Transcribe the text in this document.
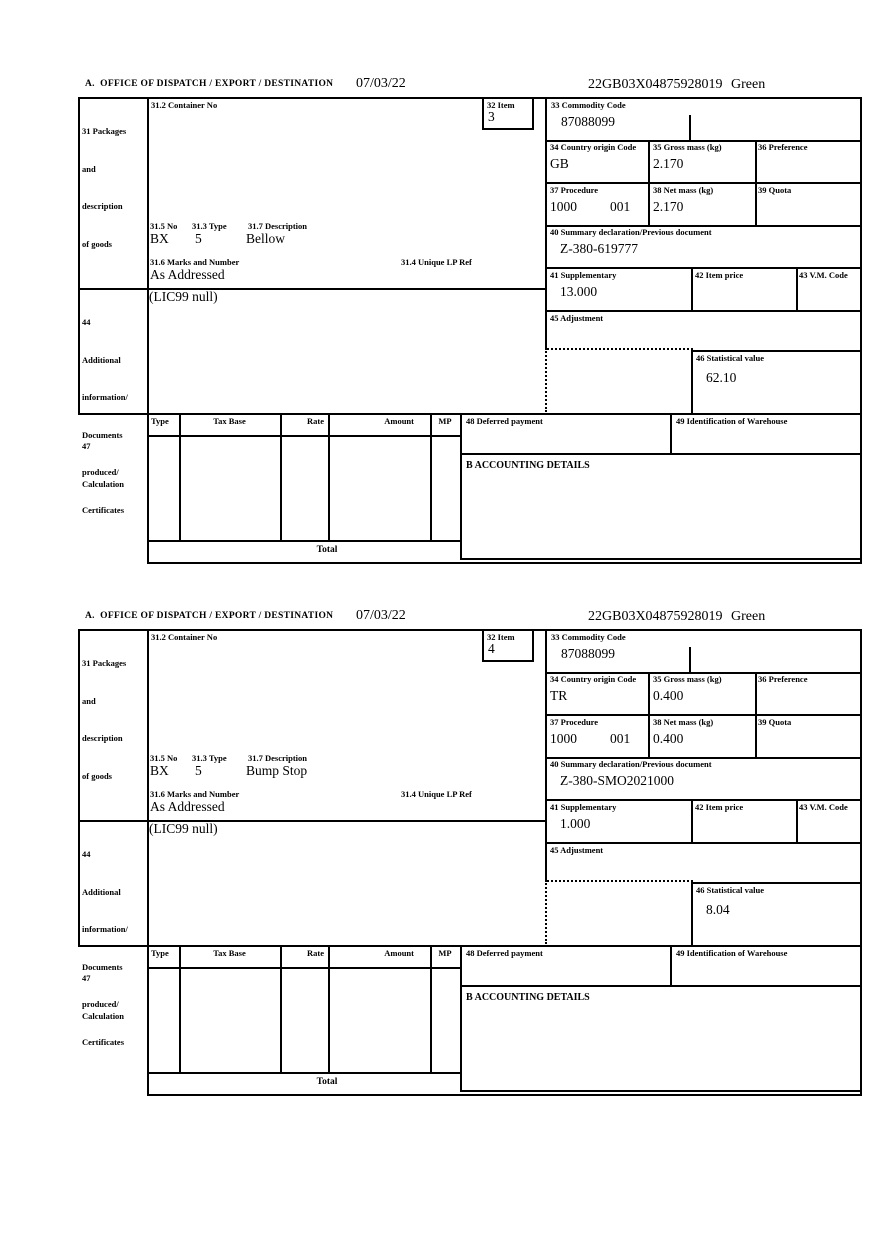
A.  OFFICE OF DISPATCH / EXPORT / DESTINATION 07/03/22	22GB03X04875928019 Green

31 Packages

and

description

of goods

31.2 Container No	32 Item
3
33 Commodity Code
87088099
34 Country origin Code
GB
35 Gross mass (kg)
2.170
36 Preference
37 Procedure
1000 001
38 Net mass (kg)
2.170
39 Quota
40 Summary declaration/Previous document
Z-380-619777
41 Supplementary
13.000
42 Item price	43 V.M. Code
45 Adjustment
46 Statistical value
62.10
31.5 No 31.3 Type	31.7 Description
BX 5	Bellow
31.6 Marks and Number	31.4 Unique LP Ref
As Addressed

44

Additional

information/

Documents

produced/

Certificates

(LIC99 null)

47

Calculation

Type	Tax Base	Rate	Amount	MP
Total
48 Deferred payment	49 Identification of Warehouse
B ACCOUNTING DETAILS
A.  OFFICE OF DISPATCH / EXPORT / DESTINATION 07/03/22	22GB03X04875928019 Green

31 Packages

and

description

of goods

31.2 Container No	32 Item
4
33 Commodity Code
87088099
34 Country origin Code
TR
35 Gross mass (kg)
0.400
36 Preference
37 Procedure
1000 001
38 Net mass (kg)
0.400
39 Quota
40 Summary declaration/Previous document
Z-380-SMO2021000
41 Supplementary
1.000
42 Item price	43 V.M. Code
45 Adjustment
46 Statistical value
8.04
31.5 No 31.3 Type	31.7 Description
BX 5	Bump Stop
31.6 Marks and Number	31.4 Unique LP Ref
As Addressed

44

Additional

information/

Documents

produced/

Certificates

(LIC99 null)

47

Calculation

Type	Tax Base	Rate	Amount	MP
Total
48 Deferred payment	49 Identification of Warehouse
B ACCOUNTING DETAILS
